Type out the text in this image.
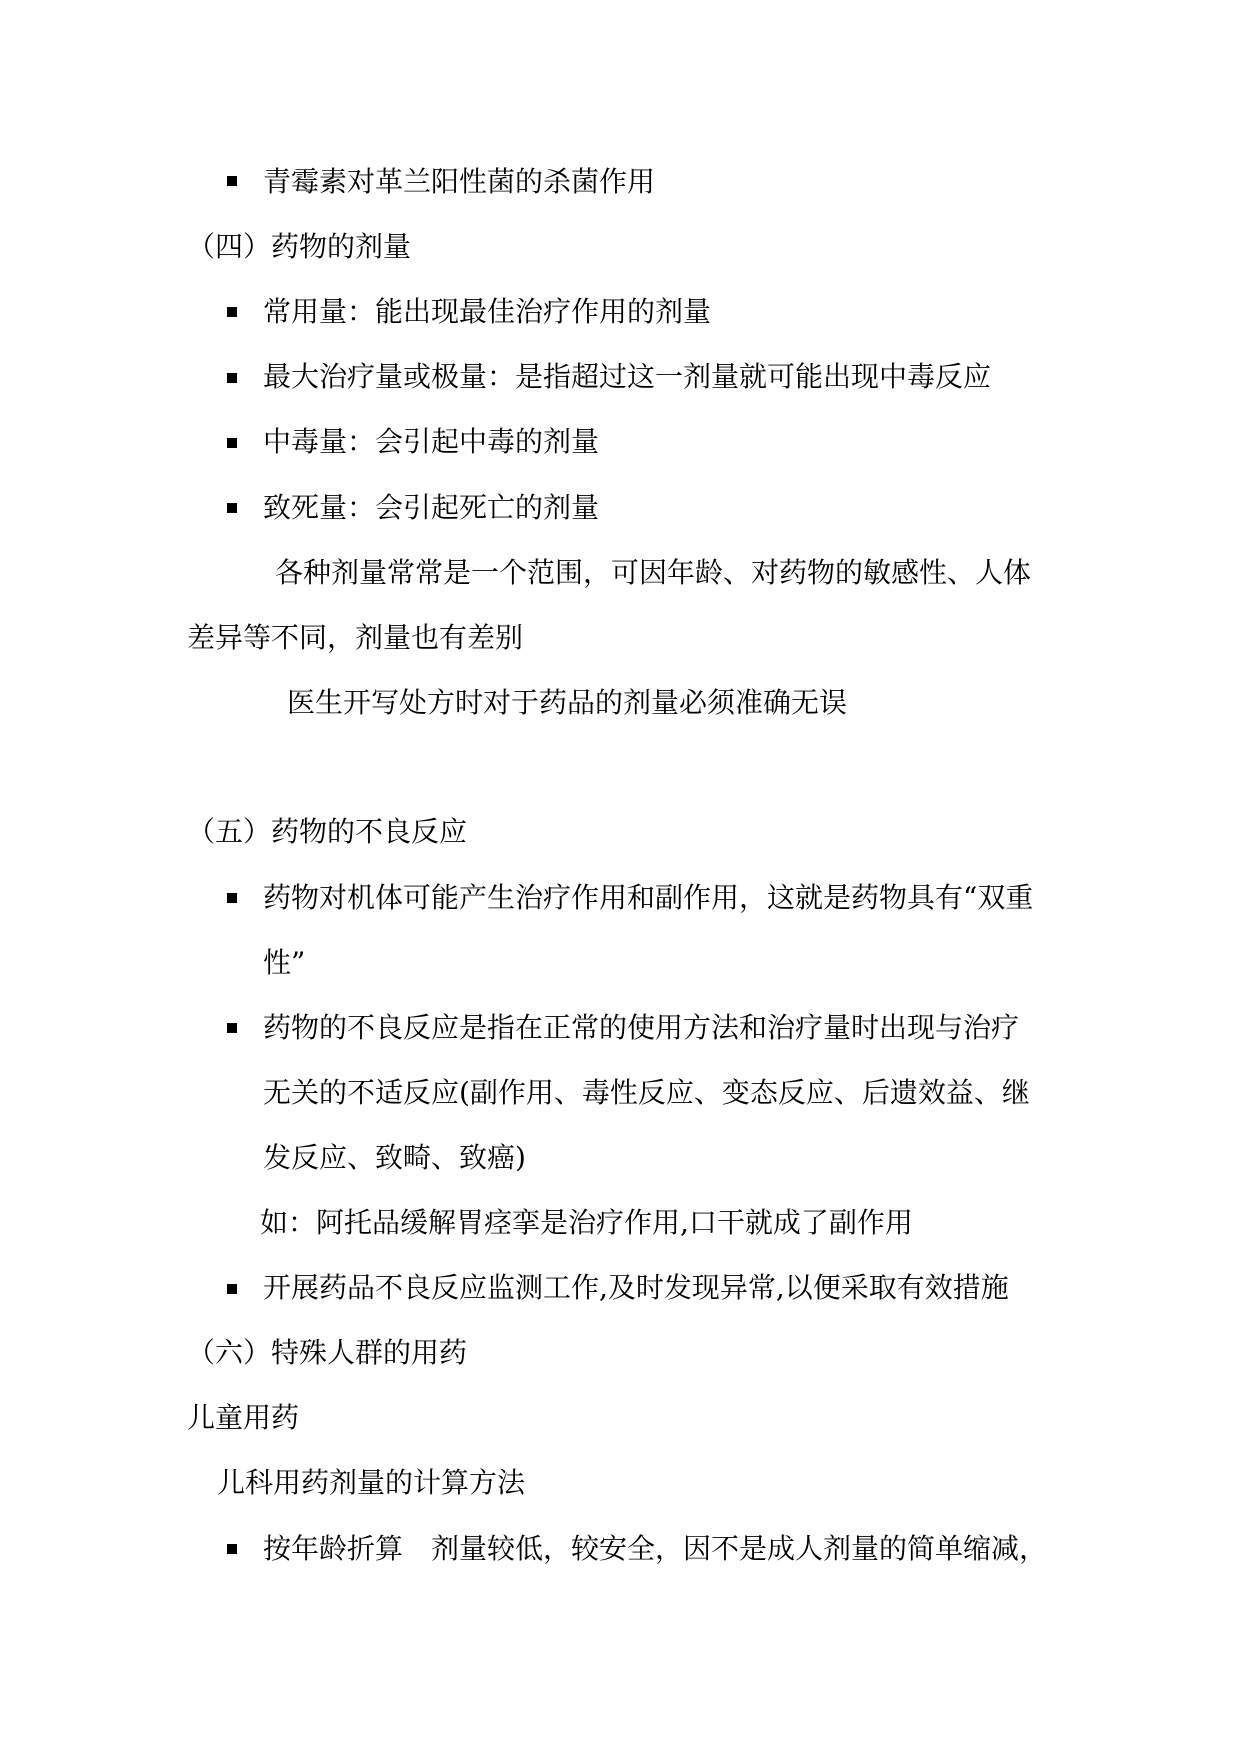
青霉素对革兰阳性菌的杀菌作用
（四）药物的剂量
常用量：能出现最佳治疗作用的剂量
最大治疗量或极量：是指超过这一剂量就可能出现中毒反应
中毒量：会引起中毒的剂量
致死量：会引起死亡的剂量
各种剂量常常是一个范围，可因年龄、对药物的敏感性、人体
差异等不同，剂量也有差别
医生开写处方时对于药品的剂量必须准确无误
（五）药物的不良反应
药物对机体可能产生治疗作用和副作用，这就是药物具有“双重
性”
药物的不良反应是指在正常的使用方法和治疗量时出现与治疗
无关的不适反应(副作用、毒性反应、变态反应、后遗效益、继
发反应、致畸、致癌)
如：阿托品缓解胃痉挛是治疗作用,口干就成了副作用
开展药品不良反应监测工作,及时发现异常,以便采取有效措施
（六）特殊人群的用药
儿童用药
儿科用药剂量的计算方法
按年龄折算　剂量较低，较安全，因不是成人剂量的简单缩减，
